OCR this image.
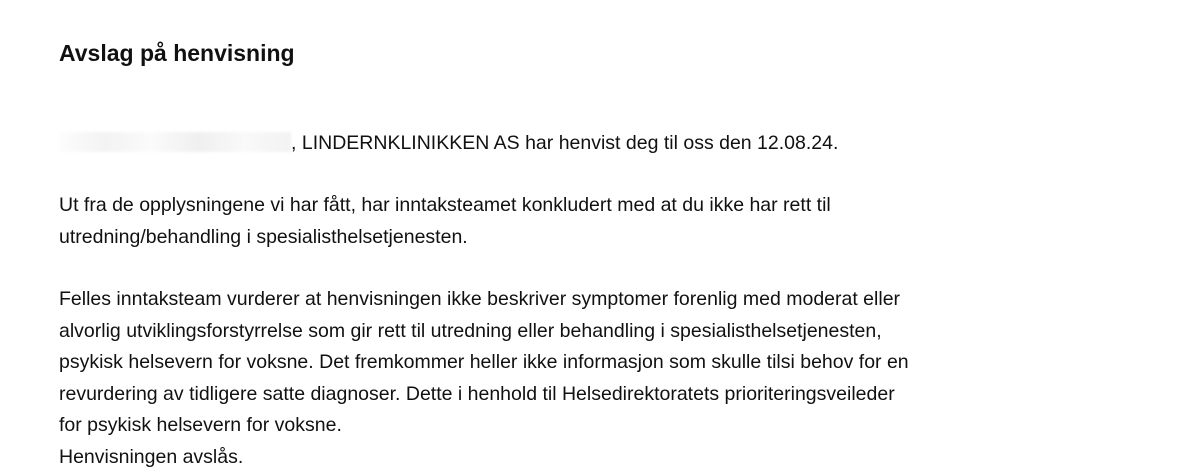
Avslag på henvisning
, LINDERNKLINIKKEN AS har henvist deg til oss den 12.08.24.

Ut fra de opplysningene vi har fått, har inntaksteamet konkludert med at du ikke har rett til
utredning/behandling i spesialisthelsetjenesten.

Felles inntaksteam vurderer at henvisningen ikke beskriver symptomer forenlig med moderat eller
alvorlig utviklingsforstyrrelse som gir rett til utredning eller behandling i spesialisthelsetjenesten,
psykisk helsevern for voksne. Det fremkommer heller ikke informasjon som skulle tilsi behov for en
revurdering av tidligere satte diagnoser. Dette i henhold til Helsedirektoratets prioriteringsveileder
for psykisk helsevern for voksne.
Henvisningen avslås.
